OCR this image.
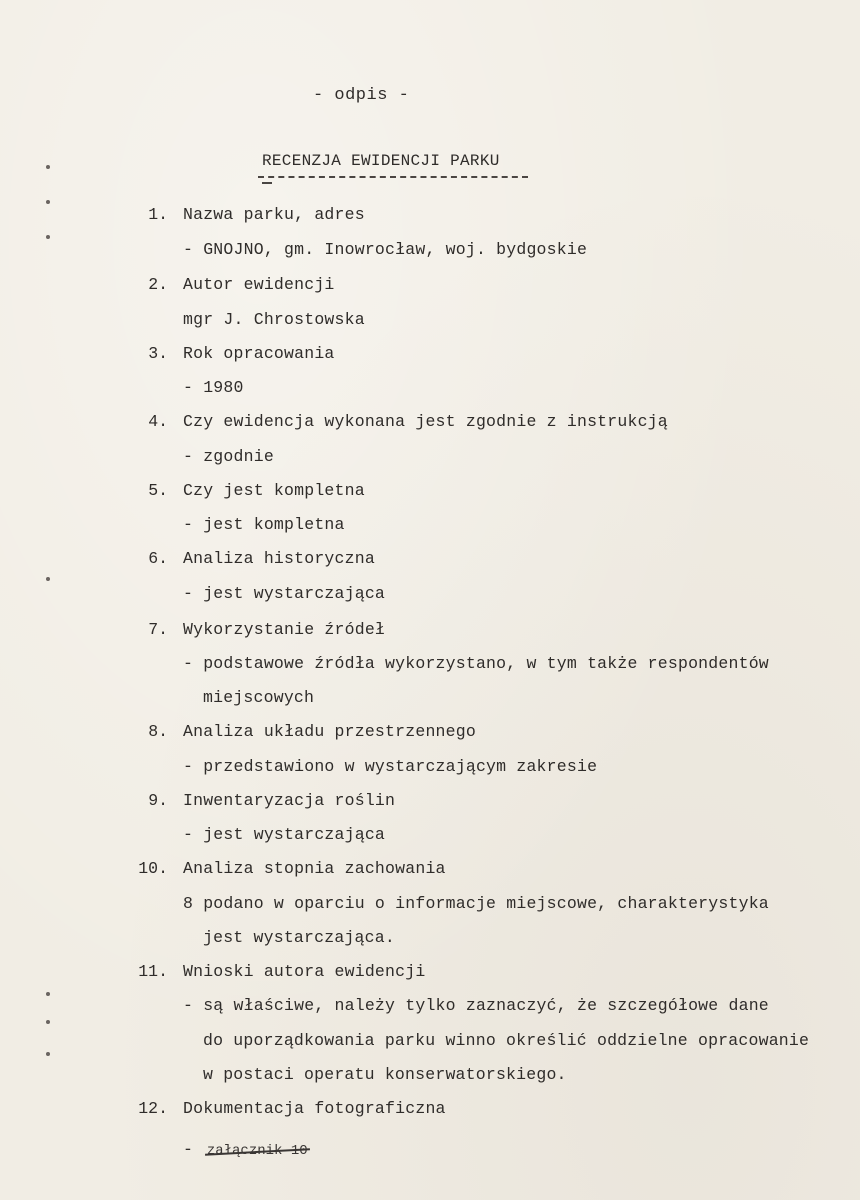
- odpis -
RECENZJA EWIDENCJI PARKU
1. Nazwa parku, adres
- GNOJNO, gm. Inowrocław, woj. bydgoskie
2. Autor ewidencji
mgr J. Chrostowska
3. Rok opracowania
- 1980
4. Czy ewidencja wykonana jest zgodnie z instrukcją
- zgodnie
5. Czy jest kompletna
- jest kompletna
6. Analiza historyczna
- jest wystarczająca
7. Wykorzystanie źródeł
- podstawowe źródła wykorzystano, w tym także respondentów
miejscowych
8. Analiza układu przestrzennego
- przedstawiono w wystarczającym zakresie
9. Inwentaryzacja roślin
- jest wystarczająca
10. Analiza stopnia zachowania
8 podano w oparciu o informacje miejscowe, charakterystyka
jest wystarczająca.
11. Wnioski autora ewidencji
- są właściwe, należy tylko zaznaczyć, że szczegółowe dane
do uporządkowania parku winno określić oddzielne opracowanie
w postaci operatu konserwatorskiego.
12. Dokumentacja fotograficzna
- załącznik 10
